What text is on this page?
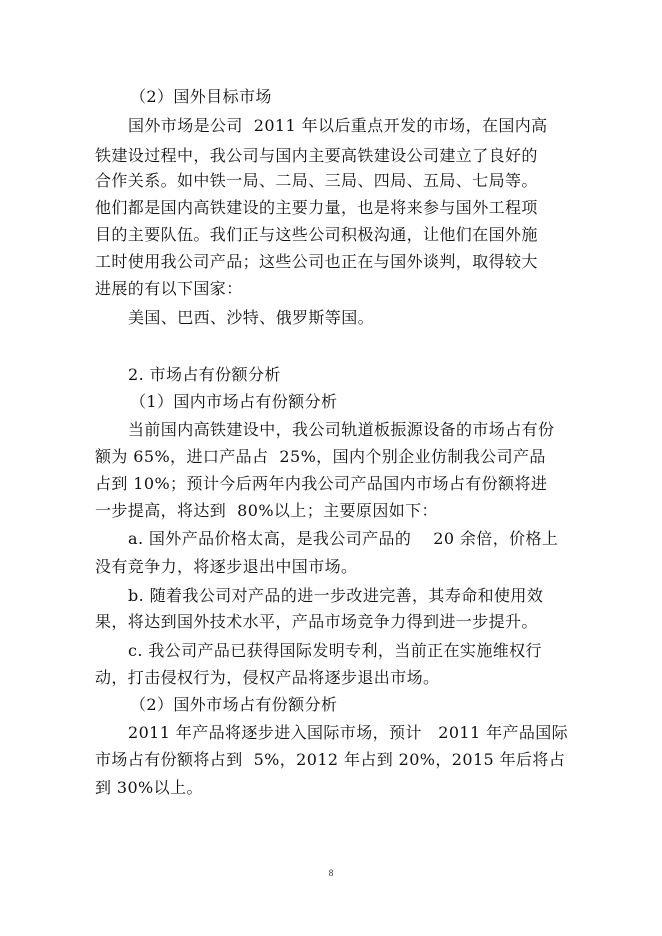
（2）国外目标市场
国外市场是公司  2011 年以后重点开发的市场，在国内高
铁建设过程中，我公司与国内主要高铁建设公司建立了良好的
合作关系。如中铁一局、二局、三局、四局、五局、七局等。
他们都是国内高铁建设的主要力量，也是将来参与国外工程项
目的主要队伍。我们正与这些公司积极沟通，让他们在国外施
工时使用我公司产品；这些公司也正在与国外谈判，取得较大
进展的有以下国家：
美国、巴西、沙特、俄罗斯等国。
2. 市场占有份额分析
（1）国内市场占有份额分析
当前国内高铁建设中，我公司轨道板振源设备的市场占有份
额为 65%，进口产品占  25%，国内个别企业仿制我公司产品
占到 10%；预计今后两年内我公司产品国内市场占有份额将进
一步提高，将达到  80%以上；主要原因如下：
a. 国外产品价格太高，是我公司产品的    20 余倍，价格上
没有竞争力，将逐步退出中国市场。
b. 随着我公司对产品的进一步改进完善，其寿命和使用效
果，将达到国外技术水平，产品市场竞争力得到进一步提升。
c. 我公司产品已获得国际发明专利，当前正在实施维权行
动，打击侵权行为，侵权产品将逐步退出市场。
（2）国外市场占有份额分析
2011 年产品将逐步进入国际市场，预计   2011 年产品国际
市场占有份额将占到  5%，2012 年占到 20%，2015 年后将占
到 30%以上。
8
